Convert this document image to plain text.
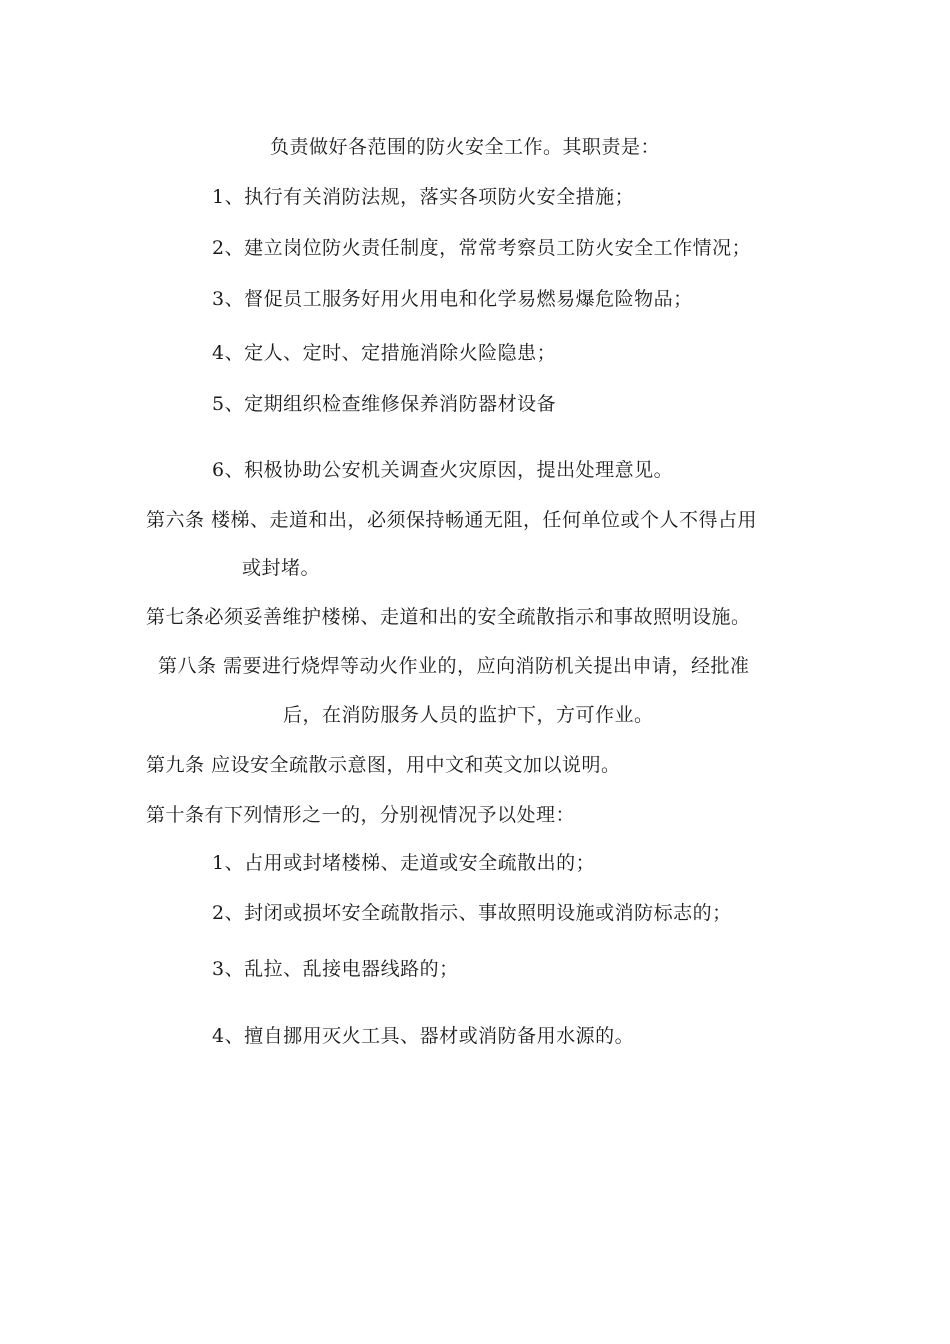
负责做好各范围的防火安全工作。其职责是：
1、执行有关消防法规，落实各项防火安全措施；
2、建立岗位防火责任制度，常常考察员工防火安全工作情况；
3、督促员工服务好用火用电和化学易燃易爆危险物品；
4、定人、定时、定措施消除火险隐患；
5、定期组织检查维修保养消防器材设备
6、积极协助公安机关调查火灾原因，提出处理意见。
第六条 楼梯、走道和出，必须保持畅通无阻，任何单位或个人不得占用
或封堵。
第七条必须妥善维护楼梯、走道和出的安全疏散指示和事故照明设施。
第八条 需要进行烧焊等动火作业的，应向消防机关提出申请，经批准
后，在消防服务人员的监护下，方可作业。
第九条 应设安全疏散示意图，用中文和英文加以说明。
第十条有下列情形之一的，分别视情况予以处理：
1、占用或封堵楼梯、走道或安全疏散出的；
2、封闭或损坏安全疏散指示、事故照明设施或消防标志的；
3、乱拉、乱接电器线路的；
4、擅自挪用灭火工具、器材或消防备用水源的。
